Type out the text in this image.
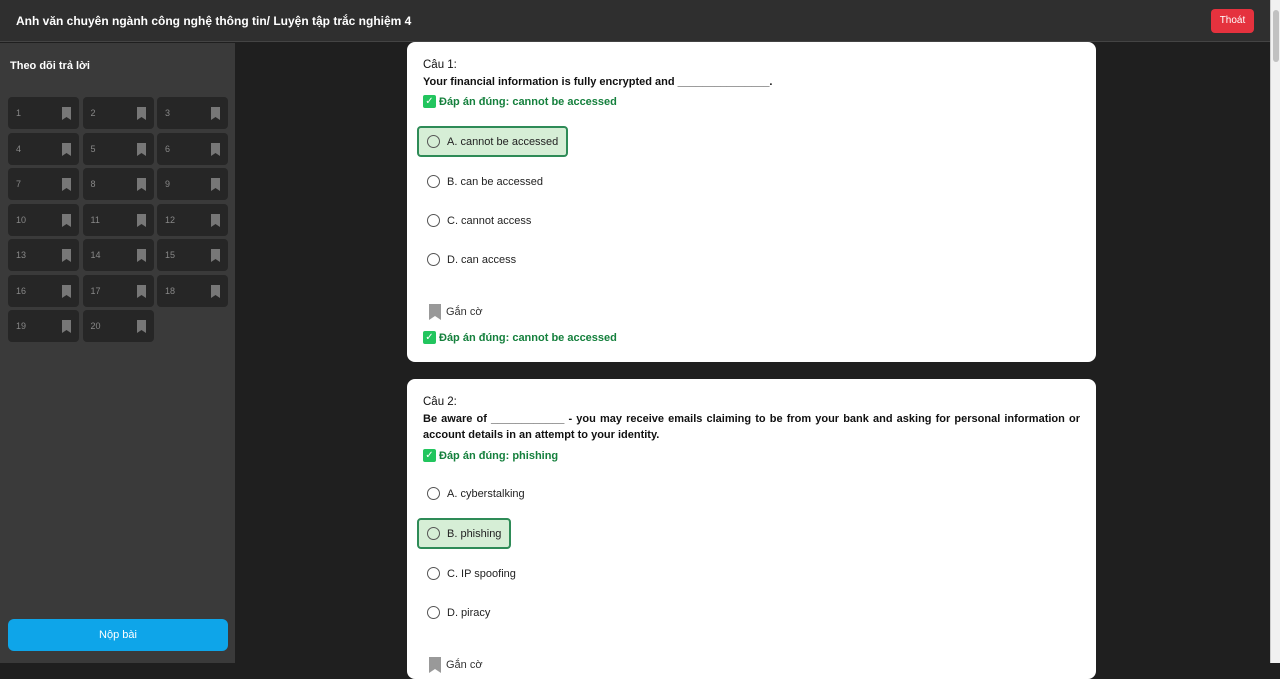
Anh văn chuyên ngành công nghệ thông tin/ Luyện tập trắc nghiệm 4	Thoát
Theo dõi trả lời
1	2	3
4	5	6
7	8	9
10	11	12
13	14	15
16	17	18
19	20
Nộp bài
Câu 1:
Your financial information is fully encrypted and _______________.
✓ Đáp án đúng: cannot be accessed
A. cannot be accessed
B. can be accessed
C. cannot access
D. can access
Gắn cờ
✓ Đáp án đúng: cannot be accessed
Câu 2:
Be aware of ____________ - you may receive emails claiming to be from your bank and asking for personal information or account details in an attempt to your identity.
✓ Đáp án đúng: phishing
A. cyberstalking
B. phishing
C. IP spoofing
D. piracy
Gắn cờ
